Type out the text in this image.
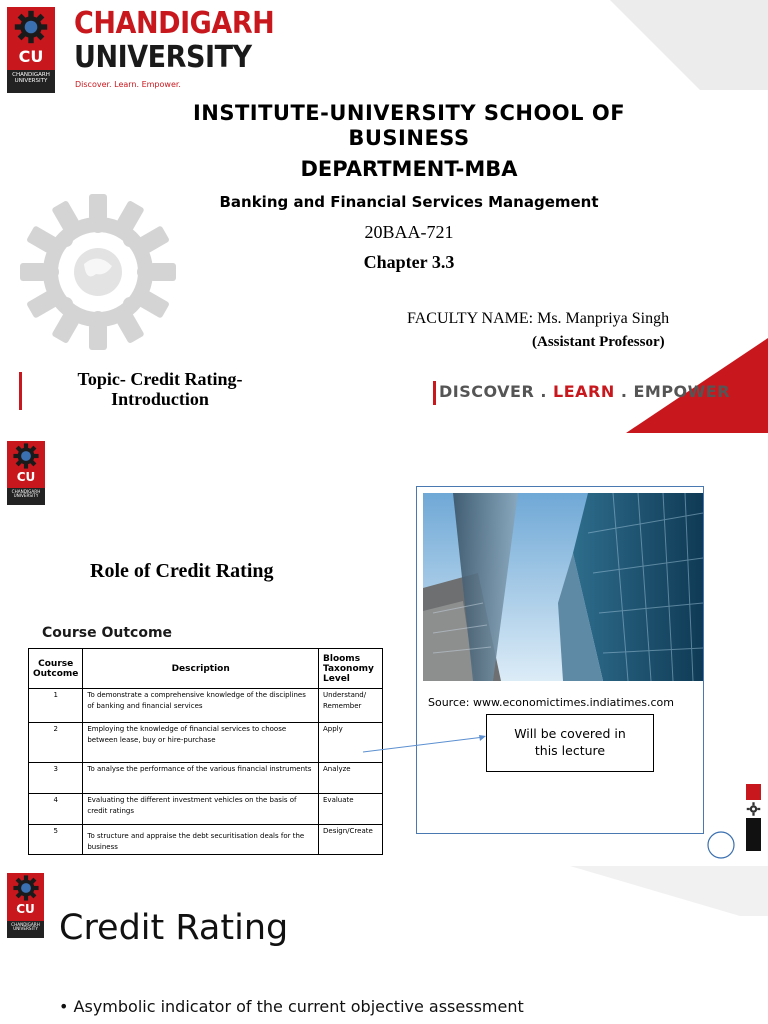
CU
CHANDIGARH
UNIVERSITY
CHANDIGARH
UNIVERSITY
Discover. Learn. Empower.
INSTITUTE-UNIVERSITY SCHOOL OF BUSINESS
DEPARTMENT-MBA
Banking and Financial Services Management
20BAA-721
Chapter 3.3
FACULTY NAME: Ms. Manpriya Singh
(Assistant Professor)
Topic- Credit Rating-Introduction	DISCOVER . LEARN . EMPOWER
CU
CHANDIGARH
UNIVERSITY
Role of Credit Rating
Course Outcome
Course Outcome	Description	Blooms Taxonomy Level
1	To demonstrate a comprehensive knowledge of the disciplines of banking and financial services	Understand/ Remember
2	Employing the knowledge of financial services to choose between lease, buy or hire-purchase	Apply
3	To analyse the performance of the various financial instruments	Analyze
4	Evaluating the different investment vehicles on the basis of credit ratings	Evaluate
5	To structure and appraise the debt securitisation deals for the business	Design/Create
Source: www.economictimes.indiatimes.com
Will be covered in this lecture
CU
CHANDIGARH
UNIVERSITY Credit Rating
• Asymbolic indicator of the current objective assessment
